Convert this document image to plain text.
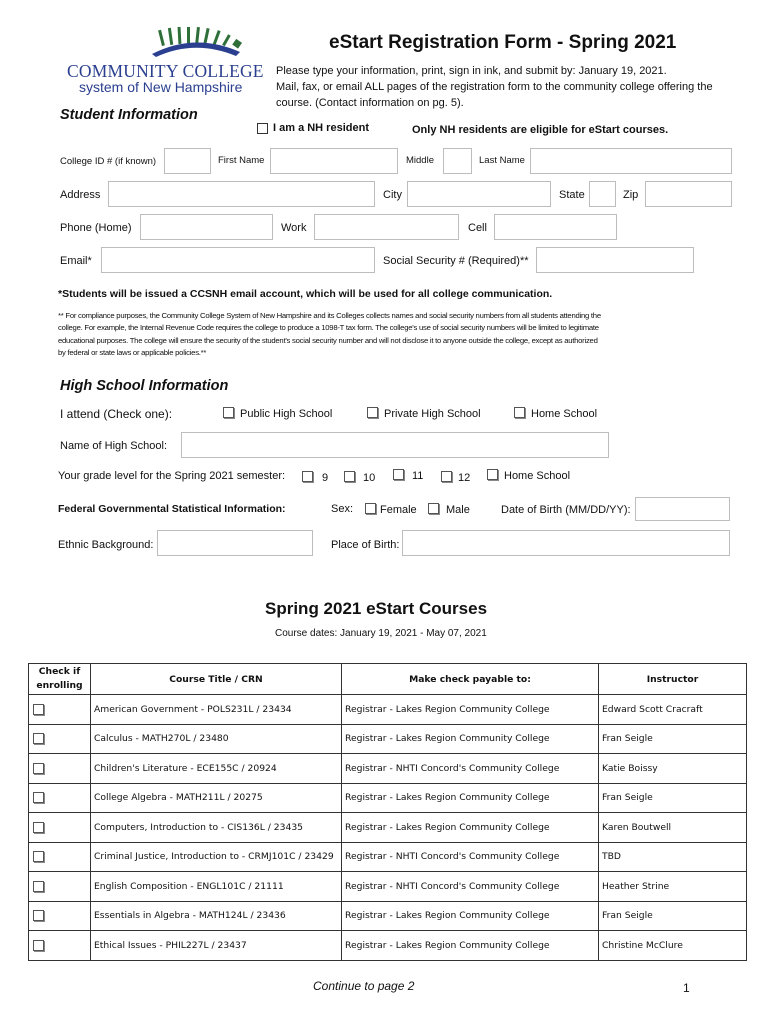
COMMUNITY COLLEGE
system of New Hampshire
eStart Registration Form - Spring 2021
Please type your information, print, sign in ink, and submit by: January 19, 2021.
Mail, fax, or email ALL pages of the registration form to the community college offering the
course. (Contact information on pg. 5).
Student Information
I am a NH resident	Only NH residents are eligible for eStart courses.
College ID # (if known)	First Name	Middle	Last Name
Address	City	State	Zip
Phone (Home)	Work	Cell
Email*	Social Security # (Required)**
*Students will be issued a CCSNH email account, which will be used for all college communication.
** For compliance purposes, the Community College System of New Hampshire and its Colleges collects names and social security numbers from all students attending the
college. For example, the Internal Revenue Code requires the college to produce a 1098-T tax form. The college's use of social security numbers will be limited to legitimate
educational purposes. The college will ensure the security of the student's social security number and will not disclose it to anyone outside the college, except as authorized
by federal or state laws or applicable policies.**
High School Information
I attend (Check one):	Public High School	Private High School	Home School
Name of High School:
Your grade level for the Spring 2021 semester:	9	10	11	12	Home School
Federal Governmental Statistical Information:	Sex: Female	Male	Date of Birth (MM/DD/YY):
Ethnic Background:	Place of Birth:
Spring 2021 eStart Courses
Course dates: January 19, 2021 - May 07, 2021
Check if
enrolling	Course Title / CRN	Make check payable to:	Instructor

	American Government - POLS231L / 23434	Registrar - Lakes Region Community College	Edward Scott Cracraft

	Calculus - MATH270L / 23480	Registrar - Lakes Region Community College	Fran Seigle

	Children's Literature - ECE155C / 20924	Registrar - NHTI Concord's Community College	Katie Boissy

	College Algebra - MATH211L / 20275	Registrar - Lakes Region Community College	Fran Seigle

	Computers, Introduction to - CIS136L / 23435	Registrar - Lakes Region Community College	Karen Boutwell

	Criminal Justice, Introduction to - CRMJ101C / 23429	Registrar - NHTI Concord's Community College	TBD

	English Composition - ENGL101C / 21111	Registrar - NHTI Concord's Community College	Heather Strine

	Essentials in Algebra - MATH124L / 23436	Registrar - Lakes Region Community College	Fran Seigle

	Ethical Issues - PHIL227L / 23437	Registrar - Lakes Region Community College	Christine McClure
Continue to page 2	1
